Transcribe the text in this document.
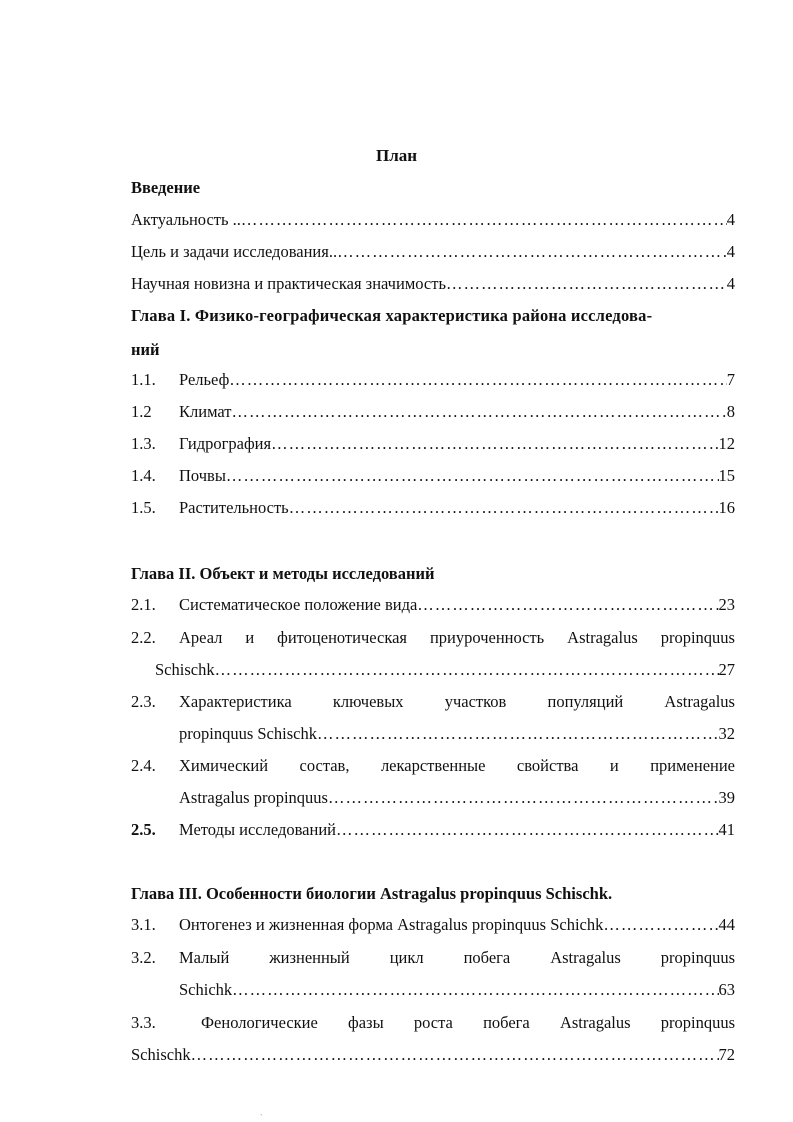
План
Введение
Актуальность .. ………………………………………………………………………………………………………………………………………………	4
Цель и задачи исследования.. ………………………………………………………………………………………………………………………………………………	4
Научная новизна и практическая значимость ………………………………………………………………………………………………………………………………………………	4
Глава I. Физико-географическая характеристика района исследова-
ний
1.1.	Рельеф ………………………………………………………………………………………………………………………………………………	7
1.2	Климат ………………………………………………………………………………………………………………………………………………	8
1.3.	Гидрография ………………………………………………………………………………………………………………………………………………	12
1.4.	Почвы ………………………………………………………………………………………………………………………………………………	15
1.5.	Растительность ………………………………………………………………………………………………………………………………………………	16
Глава II. Объект и методы исследований
2.1.	Систематическое положение вида ………………………………………………………………………………………………………………………………………………	23
2.2.	Ареал и фитоценотическая приуроченность Astragalus propinquus
Schischk ………………………………………………………………………………………………………………………………………………	27
2.3.	Характеристика ключевых участков популяций Astragalus
propinquus Schischk ………………………………………………………………………………………………………………………………………………	32
2.4.	Химический состав, лекарственные свойства и применение
Astragalus propinquus ………………………………………………………………………………………………………………………………………………	39
2.5.	Методы исследований ………………………………………………………………………………………………………………………………………………	41
Глава III. Особенности биологии Astragalus propinquus Schischk.
3.1.	Онтогенез и жизненная форма Astragalus propinquus Schichk ………………………………………………………………………………………………………………………………………………	44
3.2.	Малый жизненный цикл побега Astragalus propinquus
Schichk ………………………………………………………………………………………………………………………………………………	63
3.3.	Фенологические фазы роста побега Astragalus propinquus
Schischk ………………………………………………………………………………………………………………………………………………	72
ˋ
